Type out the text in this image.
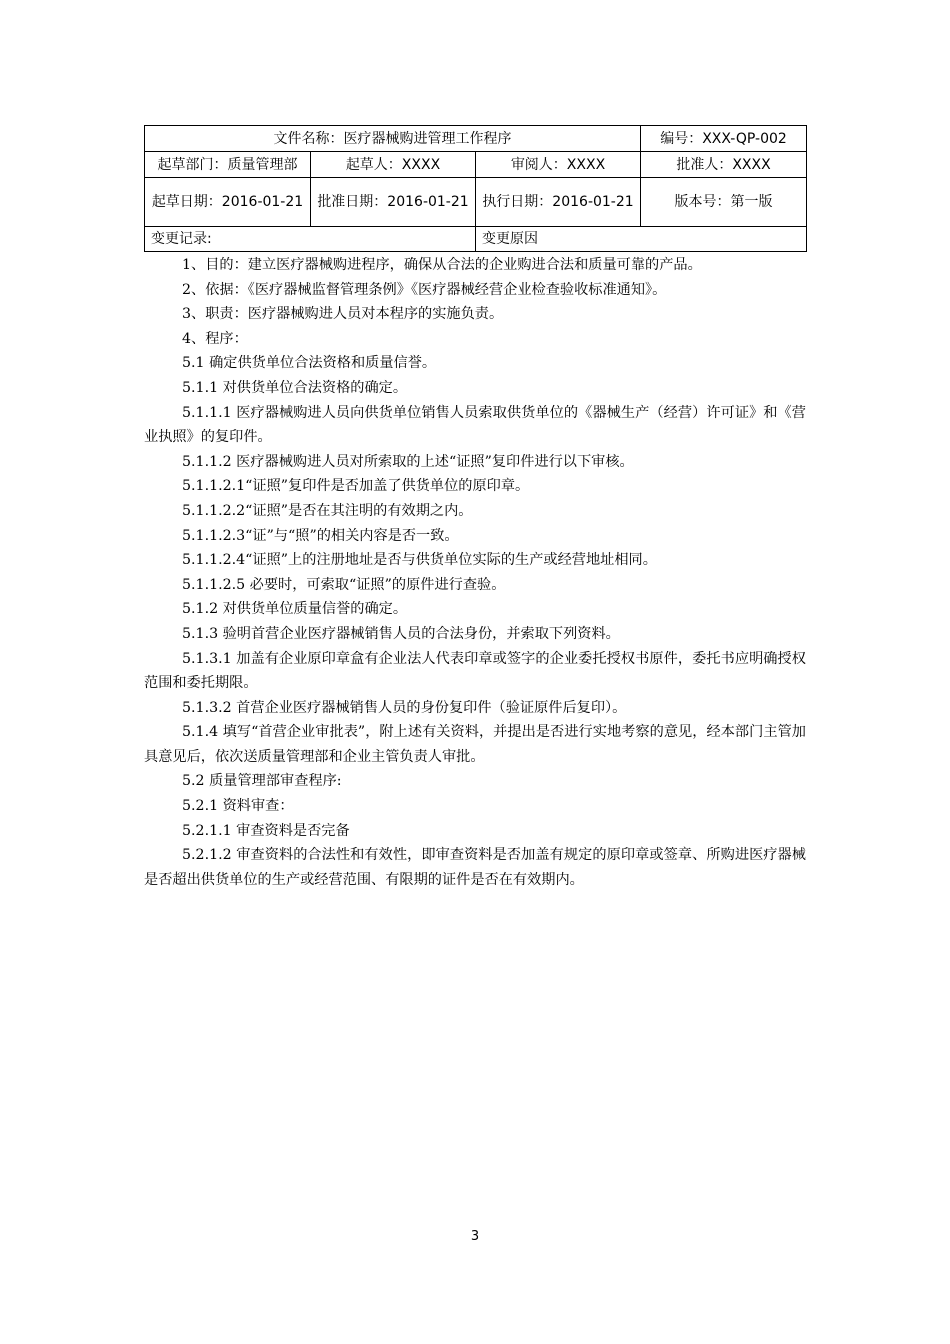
文件名称：医疗器械购进管理工作程序			编号：XXX-QP-002
起草部门：质量管理部	起草人：XXXX	审阅人：XXXX	批准人：XXXX
起草日期：2016-01-21	批准日期：2016-01-21	执行日期：2016-01-21	版本号：第一版
变更记录:		变更原因	

1、目的：建立医疗器械购进程序，确保从合法的企业购进合法和质量可靠的产品。

2、依据：《医疗器械监督管理条例》《医疗器械经营企业检查验收标准通知》。

3、职责：医疗器械购进人员对本程序的实施负责。

4、程序：

5.1 确定供货单位合法资格和质量信誉。

5.1.1 对供货单位合法资格的确定。

5.1.1.1 医疗器械购进人员向供货单位销售人员索取供货单位的《器械生产（经营）许可证》和《营业执照》的复印件。

5.1.1.2 医疗器械购进人员对所索取的上述“证照”复印件进行以下审核。

5.1.1.2.1“证照”复印件是否加盖了供货单位的原印章。

5.1.1.2.2“证照”是否在其注明的有效期之内。

5.1.1.2.3“证”与“照”的相关内容是否一致。

5.1.1.2.4“证照”上的注册地址是否与供货单位实际的生产或经营地址相同。

5.1.1.2.5 必要时，可索取“证照”的原件进行查验。

5.1.2 对供货单位质量信誉的确定。

5.1.3 验明首营企业医疗器械销售人员的合法身份，并索取下列资料。

5.1.3.1 加盖有企业原印章盒有企业法人代表印章或签字的企业委托授权书原件，委托书应明确授权范围和委托期限。

5.1.3.2 首营企业医疗器械销售人员的身份复印件（验证原件后复印）。

5.1.4 填写“首营企业审批表”，附上述有关资料，并提出是否进行实地考察的意见，经本部门主管加具意见后，依次送质量管理部和企业主管负责人审批。

5.2 质量管理部审查程序:

5.2.1 资料审查：

5.2.1.1 审查资料是否完备

5.2.1.2 审查资料的合法性和有效性，即审查资料是否加盖有规定的原印章或签章、所购进医疗器械是否超出供货单位的生产或经营范围、有限期的证件是否在有效期内。

3
